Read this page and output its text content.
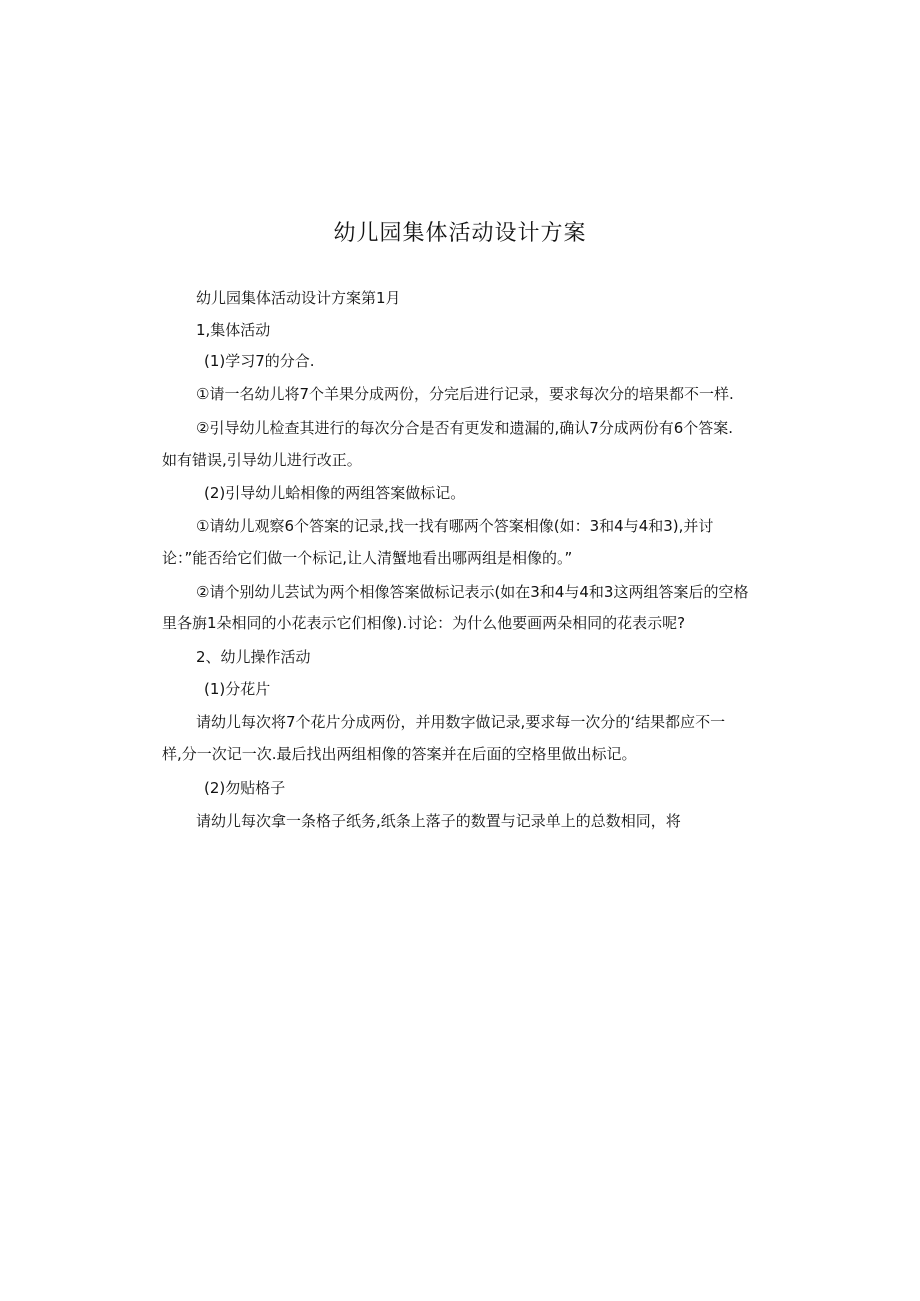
幼儿园集体活动设计方案
幼儿园集体活动设计方案第1月
1,集体活动
(1)学习7的分合.
①请一名幼儿将7个羊果分成两份，分完后进行记录，要求每次分的培果都不一样.
②引导幼儿检查其进行的每次分合是否有更发和遗漏的,确认7分成两份有6个答案.
如有错误,引导幼儿进行改正。
(2)引导幼儿蛤相像的两组答案做标记。
①请幼儿观察6个答案的记录,找一找有哪两个答案相像(如：3和4与4和3),并讨
论：”能否给它们做一个标记,让人清蟹地看出哪两组是相像的。”
②请个别幼儿芸试为两个相像答案做标记表示(如在3和4与4和3这两组答案后的空格
里各旃1朵相同的小花表示它们相像).讨论：为什么他要画两朵相同的花表示呢?
2、幼儿操作活动
(1)分花片
请幼儿每次将7个花片分成两份，并用数字做记录,要求每一次分的‘结果都应不一
样,分一次记一次.最后找出两组相像的答案并在后面的空格里做出标记。
(2)勿贴格子
请幼儿每次拿一条格子纸务,纸条上落子的数置与记录单上的总数相同，将
